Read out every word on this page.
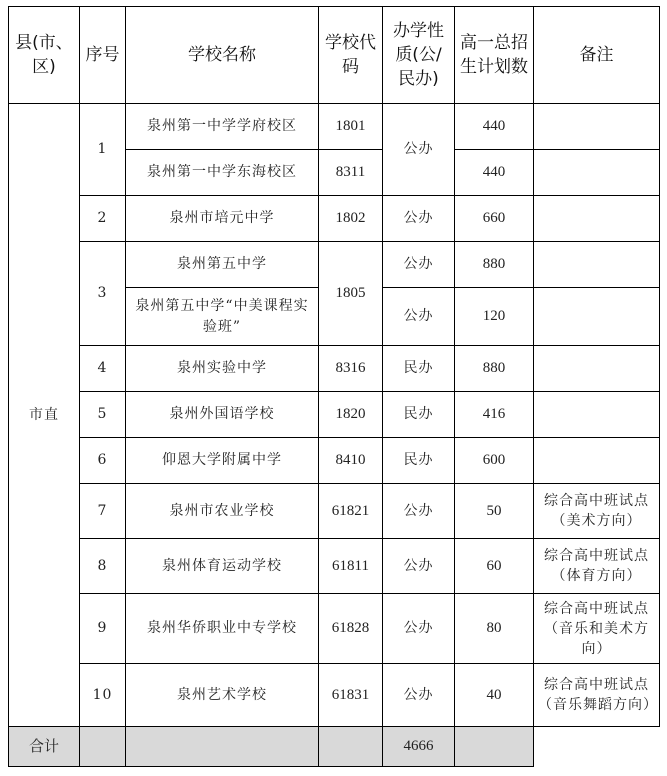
县(市、区)	序号	学校名称	学校代码	办学性质(公/民办)	高一总招生计划数	备注
市直	1	泉州第一中学学府校区	1801	公办	440	
		泉州第一中学东海校区	8311		440	
	2	泉州市培元中学	1802	公办	660	
	3	泉州第五中学	1805	公办	880	
		泉州第五中学“中美课程实验班”		公办	120	
	4	泉州实验中学	8316	民办	880	
	5	泉州外国语学校	1820	民办	416	
	6	仰恩大学附属中学	8410	民办	600	
	7	泉州市农业学校	61821	公办	50	综合高中班试点（美术方向）
	8	泉州体育运动学校	61811	公办	60	综合高中班试点（体育方向）
	9	泉州华侨职业中专学校	61828	公办	80	综合高中班试点（音乐和美术方向）
	10	泉州艺术学校	61831	公办	40	综合高中班试点（音乐舞蹈方向）
合计				4666		
